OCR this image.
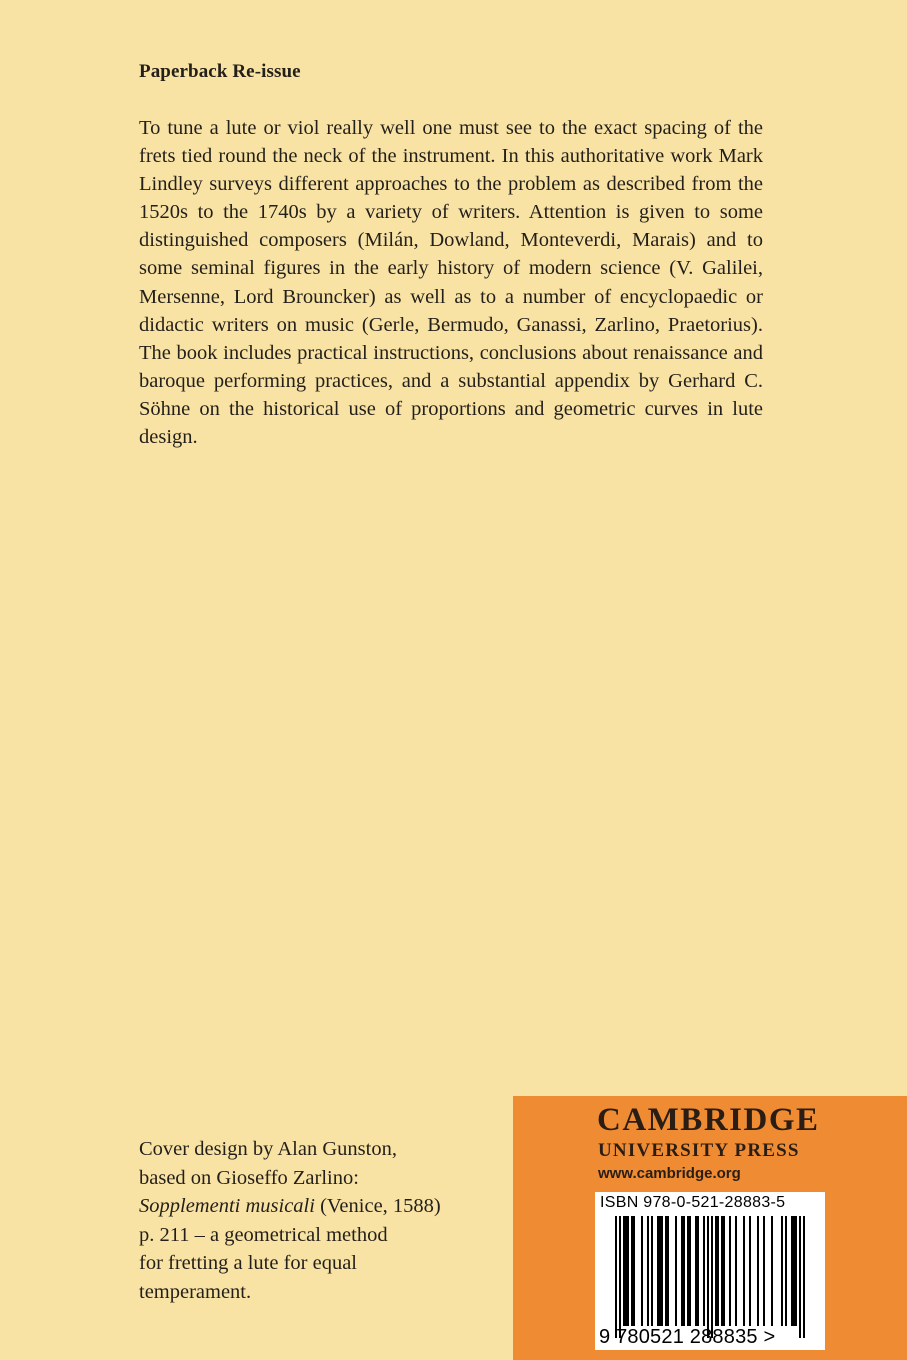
Paperback Re-issue
To tune a lute or viol really well one must see to the exact spacing of the frets tied round the neck of the instrument. In this authoritative work Mark Lindley surveys different approaches to the problem as described from the 1520s to the 1740s by a variety of writers. Attention is given to some distinguished composers (Milán, Dowland, Monteverdi, Marais) and to some seminal figures in the early history of modern science (V. Galilei, Mersenne, Lord Brouncker) as well as to a number of encyclopaedic or didactic writers on music (Gerle, Bermudo, Ganassi, Zarlino, Praetorius). The book includes practical instructions, conclusions about renaissance and baroque performing practices, and a substantial appendix by Gerhard C. Söhne on the historical use of proportions and geometric curves in lute design.
Cover design by Alan Gunston,
based on Gioseffo Zarlino:
Sopplementi musicali (Venice, 1588)
p. 211 – a geometrical method
for fretting a lute for equal
temperament.
CAMBRIDGE
UNIVERSITY PRESS
www.cambridge.org
ISBN 978-0-521-28883-5
9 780521 288835 >
